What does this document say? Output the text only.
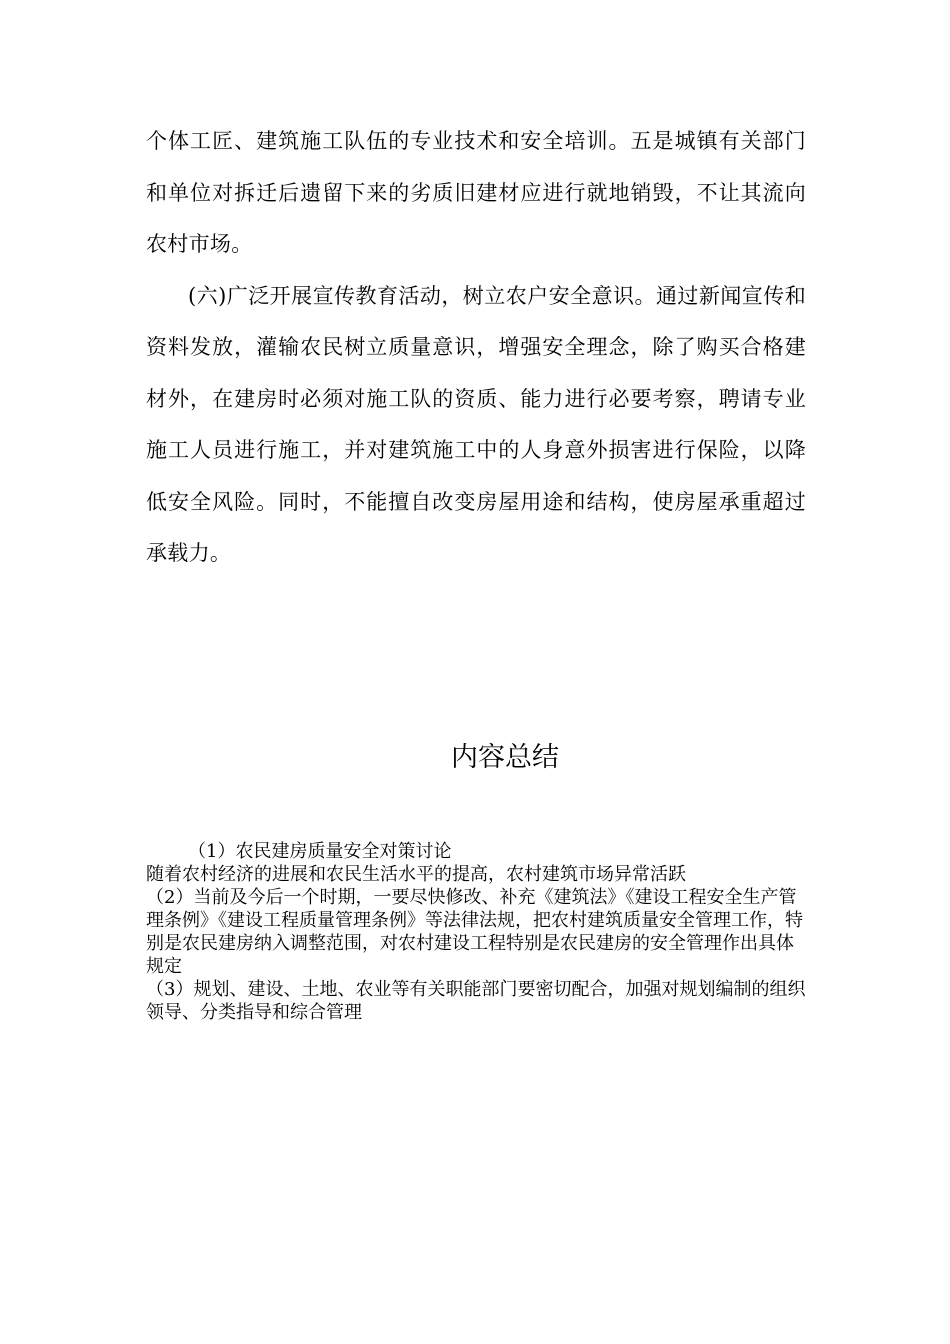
个体工匠、建筑施工队伍的专业技术和安全培训。五是城镇有关部门和单位对拆迁后遗留下来的劣质旧建材应进行就地销毁，不让其流向农村市场。

(六)广泛开展宣传教育活动，树立农户安全意识。通过新闻宣传和资料发放，灌输农民树立质量意识，增强安全理念，除了购买合格建材外，在建房时必须对施工队的资质、能力进行必要考察，聘请专业施工人员进行施工，并对建筑施工中的人身意外损害进行保险，以降低安全风险。同时，不能擅自改变房屋用途和结构，使房屋承重超过承载力。

内容总结

（1）农民建房质量安全对策讨论

随着农村经济的进展和农民生活水平的提高，农村建筑市场异常活跃

（2）当前及今后一个时期，一要尽快修改、补充《建筑法》《建设工程安全生产管理条例》《建设工程质量管理条例》等法律法规，把农村建筑质量安全管理工作，特别是农民建房纳入调整范围，对农村建设工程特别是农民建房的安全管理作出具体规定

（3）规划、建设、土地、农业等有关职能部门要密切配合，加强对规划编制的组织领导、分类指导和综合管理
